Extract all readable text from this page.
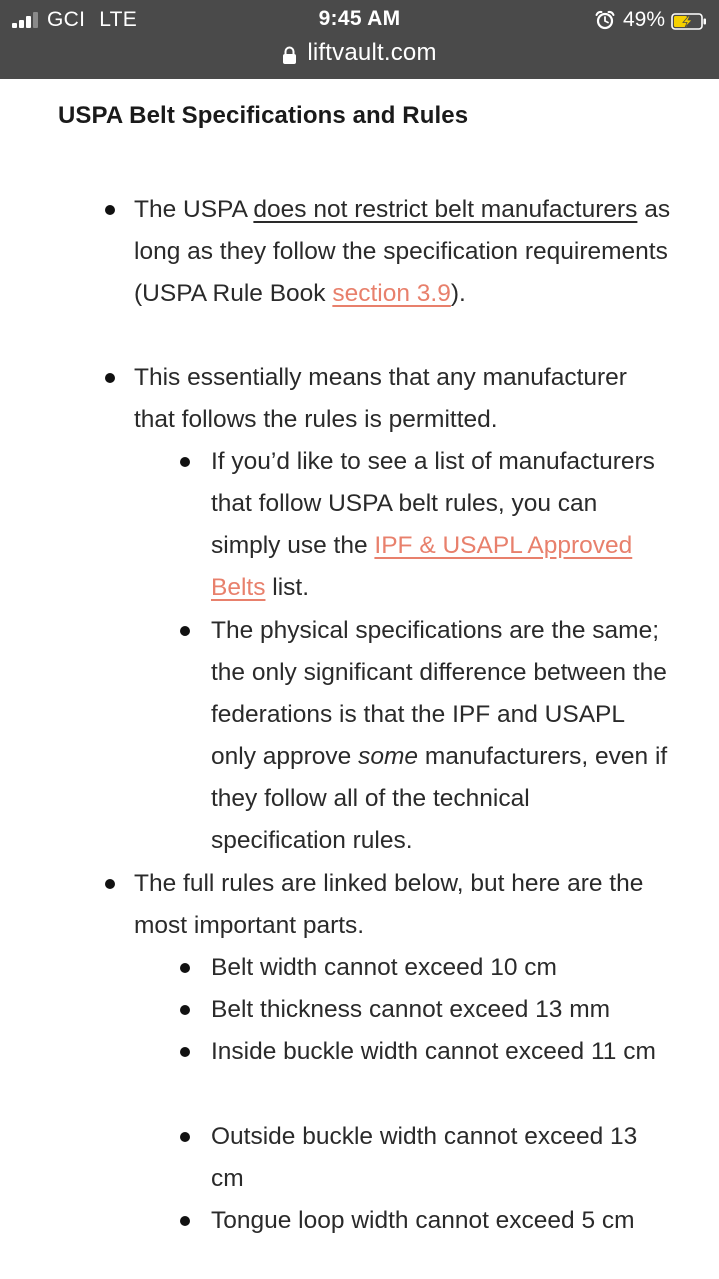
GCI LTE	9:45 AM	49%
liftvault.com
USPA Belt Specifications and Rules

The USPA does not restrict belt manufacturers as long as they follow the specification requirements (USPA Rule Book section 3.9).

This essentially means that any manufacturer that follows the rules is permitted.

If you’d like to see a list of manufacturers that follow USPA belt rules, you can simply use the IPF & USAPL Approved Belts list.

The physical specifications are the same; the only significant difference between the federations is that the IPF and USAPL only approve some manufacturers, even if they follow all of the technical specification rules.

The full rules are linked below, but here are the most important parts.

Belt width cannot exceed 10 cm

Belt thickness cannot exceed 13 mm

Inside buckle width cannot exceed 11 cm

Outside buckle width cannot exceed 13 cm

Tongue loop width cannot exceed 5 cm
